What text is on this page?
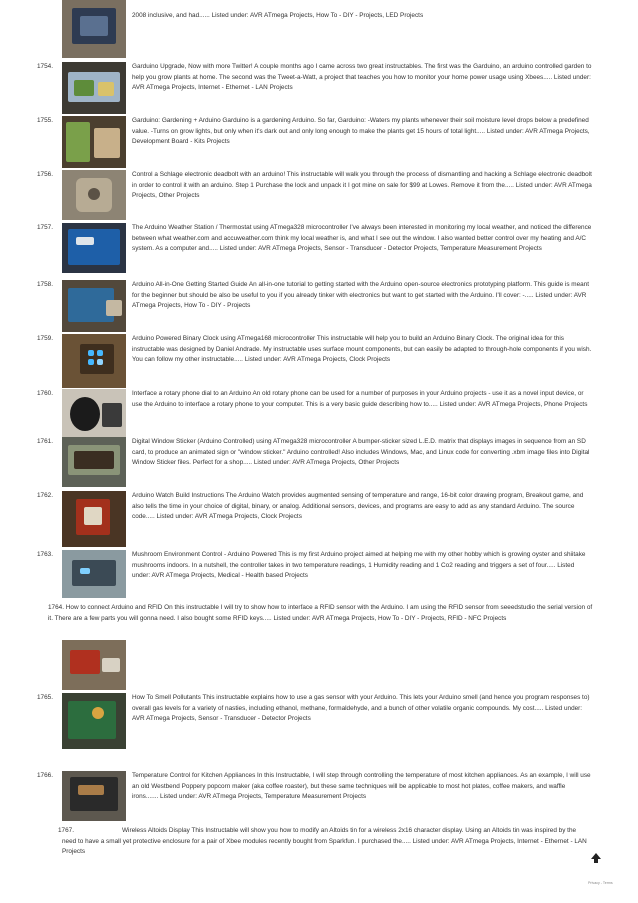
2008 inclusive, and had...... Listed under: AVR ATmega Projects, How To - DIY - Projects, LED Projects
1754.	Garduino Upgrade, Now with more Twitter! A couple months ago I came across two great instructables. The first was the Garduino, an arduino controlled garden to help you grow plants at home. The second was the Tweet-a-Watt, a project that teaches you how to monitor your home power usage using Xbees..... Listed under: AVR ATmega Projects, Internet - Ethernet - LAN Projects
1755.	Garduino: Gardening + Arduino Garduino is a gardening Arduino. So far, Garduino: -Waters my plants whenever their soil moisture level drops below a predefined value. -Turns on grow lights, but only when it's dark out and only long enough to make the plants get 15 hours of total light..... Listed under: AVR ATmega Projects, Development Board - Kits Projects
1756.	Control a Schlage electronic deadbolt with an arduino! This instructable will walk you through the process of dismantling and hacking a Schlage electronic deadbolt in order to control it with an arduino. Step 1 Purchase the lock and unpack it I got mine on sale for $99 at Lowes. Remove it from the..... Listed under: AVR ATmega Projects, Other Projects
1757.	The Arduino Weather Station / Thermostat using ATmega328 microcontroller I've always been interested in monitoring my local weather, and noticed the difference between what weather.com and accuweather.com think my local weather is, and what I see out the window. I also wanted better control over my heating and A/C system. As a computer and..... Listed under: AVR ATmega Projects, Sensor - Transducer - Detector Projects, Temperature Measurement Projects
1758.	Arduino All-in-One Getting Started Guide An all-in-one tutorial to getting started with the Arduino open-source electronics prototyping platform. This guide is meant for the beginner but should be also be useful to you if you already tinker with electronics but want to get started with the Arduino. I'll cover: -..... Listed under: AVR ATmega Projects, How To - DIY - Projects
1759.	Arduino Powered Binary Clock using ATmega168 microcontroller This instructable will help you to build an Arduino Binary Clock. The original idea for this instructable was designed by Daniel Andrade. My instructable uses surface mount components, but can easily be adapted to through-hole components if you wish. You can follow my other instructable..... Listed under: AVR ATmega Projects, Clock Projects
1760.	Interface a rotary phone dial to an Arduino An old rotary phone can be used for a number of purposes in your Arduino projects - use it as a novel input device, or use the Arduino to interface a rotary phone to your computer. This is a very basic guide describing how to..... Listed under: AVR ATmega Projects, Phone Projects
1761.	Digital Window Sticker (Arduino Controlled) using ATmega328 microcontroller A bumper-sticker sized L.E.D. matrix that displays images in sequence from an SD card, to produce an animated sign or "window sticker." Arduino controlled! Also includes Windows, Mac, and Linux code for converting .xbm image files into Digital Window Sticker files. Perfect for a shop..... Listed under: AVR ATmega Projects, Other Projects
1762.	Arduino Watch Build Instructions The Arduino Watch provides augmented sensing of temperature and range, 16-bit color drawing program, Breakout game, and also tells the time in your choice of digital, binary, or analog. Additional sensors, devices, and programs are easy to add as any standard Arduino. The source code..... Listed under: AVR ATmega Projects, Clock Projects
1763.	Mushroom Environment Control - Arduino Powered This is my first Arduino project aimed at helping me with my other hobby which is growing oyster and shiitake mushrooms indoors. In a nutshell, the controller takes in two temperature readings, 1 Humidity reading and 1 Co2 reading and triggers a set of four..... Listed under: AVR ATmega Projects, Medical - Health based Projects
1764. How to connect Arduino and RFID On this instructable I will try to show how to interface a RFID sensor with the Arduino. I am using the RFID sensor from seeedstudio the serial version of it. There are a few parts you will gonna need. I also bought some RFID keys..... Listed under: AVR ATmega Projects, How To - DIY - Projects, RFID - NFC Projects
1765.	How To Smell Pollutants This instructable explains how to use a gas sensor with your Arduino. This lets your Arduino smell (and hence you program responses to) overall gas levels for a variety of nasties, including ethanol, methane, formaldehyde, and a bunch of other volatile organic compounds. My cost..... Listed under: AVR ATmega Projects, Sensor - Transducer - Detector Projects
1766.	Temperature Control for Kitchen Appliances In this Instructable, I will step through controlling the temperature of most kitchen appliances. As an example, I will use an old Westbend Poppery popcorn maker (aka coffee roaster), but these same techniques will be applicable to most hot plates, coffee makers, and waffle irons....... Listed under: AVR ATmega Projects, Temperature Measurement Projects
1767.	Wireless Altoids Display This Instructable will show you how to modify an Altoids tin for a wireless 2x16 character display. Using an Altoids tin was inspired by the need to have a small yet protective enclosure for a pair of Xbee modules recently bought from Sparkfun. I purchased the..... Listed under: AVR ATmega Projects, Internet - Ethernet - LAN Projects
Privacy - Terms
